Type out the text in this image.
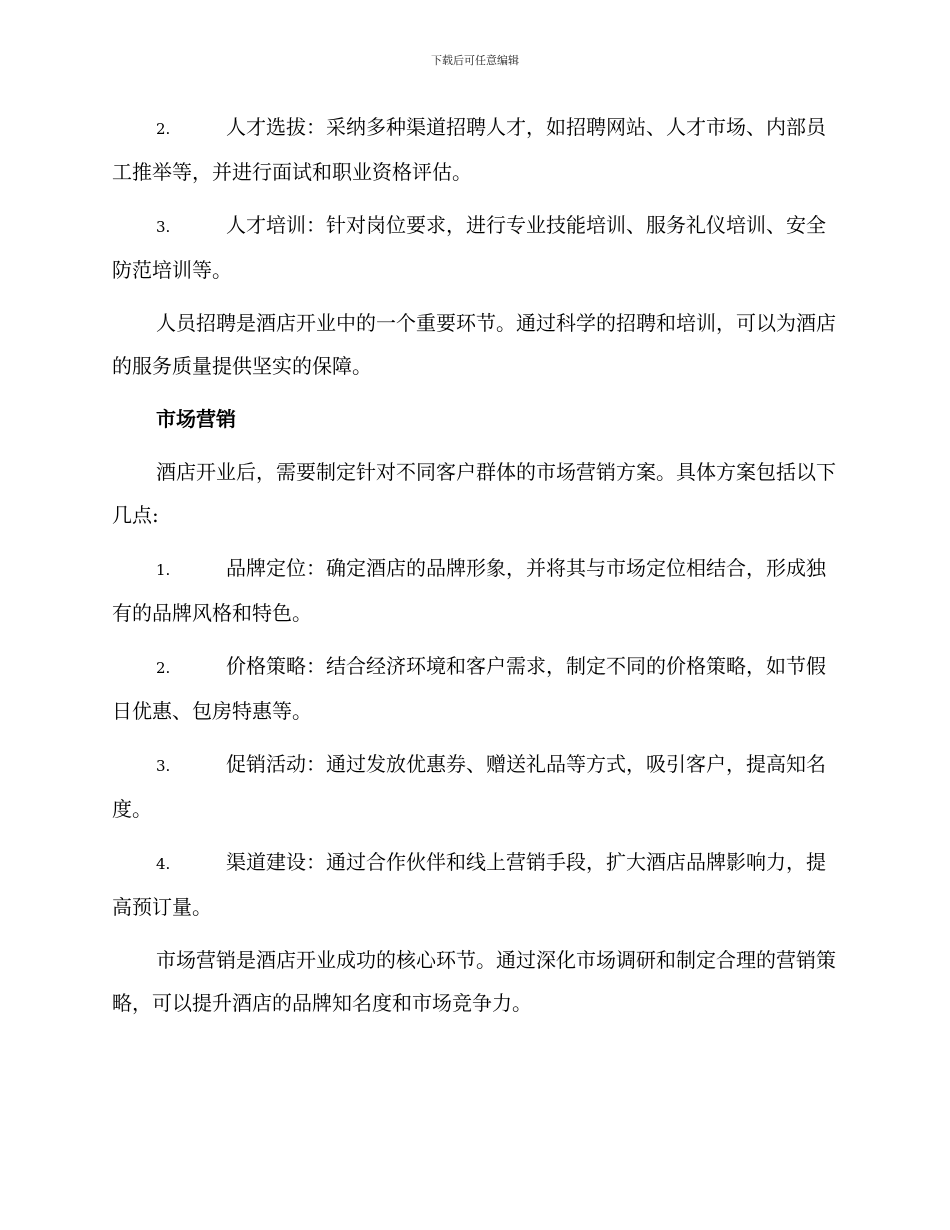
下载后可任意编辑
2.	人才选拔：采纳多种渠道招聘人才，如招聘网站、人才市场、内部员工推举等，并进行面试和职业资格评估。
3.	人才培训：针对岗位要求，进行专业技能培训、服务礼仪培训、安全防范培训等。

人员招聘是酒店开业中的一个重要环节。通过科学的招聘和培训，可以为酒店的服务质量提供坚实的保障。

市场营销

酒店开业后，需要制定针对不同客户群体的市场营销方案。具体方案包括以下几点:

1.	品牌定位：确定酒店的品牌形象，并将其与市场定位相结合，形成独有的品牌风格和特色。
2.	价格策略：结合经济环境和客户需求，制定不同的价格策略，如节假日优惠、包房特惠等。
3.	促销活动：通过发放优惠券、赠送礼品等方式，吸引客户，提高知名度。
4.	渠道建设：通过合作伙伴和线上营销手段，扩大酒店品牌影响力，提高预订量。

市场营销是酒店开业成功的核心环节。通过深化市场调研和制定合理的营销策略，可以提升酒店的品牌知名度和市场竞争力。
